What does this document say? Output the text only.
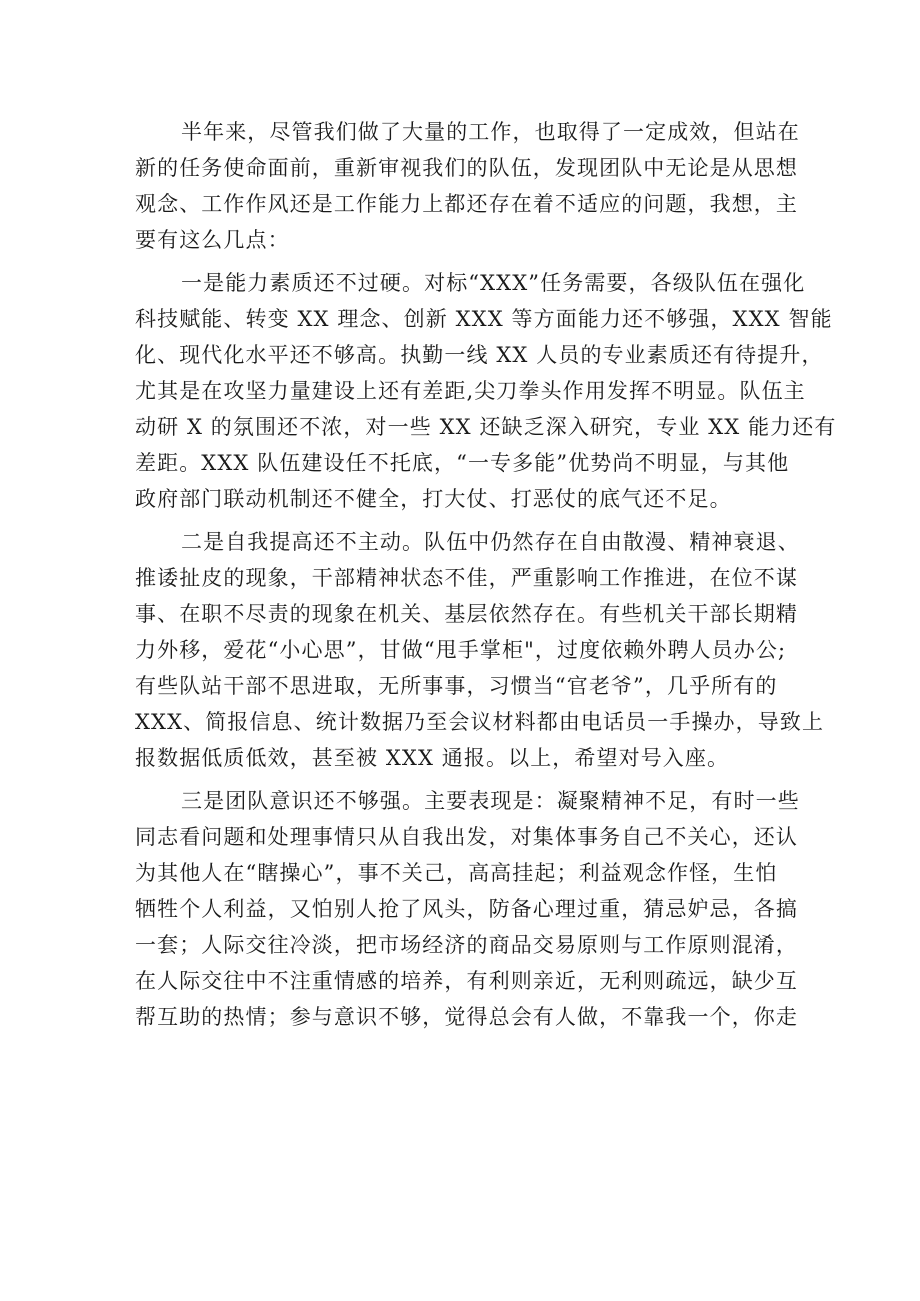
半年来，尽管我们做了大量的工作，也取得了一定成效，但站在
新的任务使命面前，重新审视我们的队伍，发现团队中无论是从思想
观念、工作作风还是工作能力上都还存在着不适应的问题，我想，主
要有这么几点：
一是能力素质还不过硬。对标“XXX”任务需要，各级队伍在强化
科技赋能、转变 XX 理念、创新 XXX 等方面能力还不够强，XXX 智能
化、现代化水平还不够高。执勤一线 XX 人员的专业素质还有待提升，
尤其是在攻坚力量建设上还有差距,尖刀拳头作用发挥不明显。队伍主
动研 X 的氛围还不浓，对一些 XX 还缺乏深入研究，专业 XX 能力还有
差距。XXX 队伍建设任不托底，“一专多能”优势尚不明显，与其他
政府部门联动机制还不健全，打大仗、打恶仗的底气还不足。
二是自我提高还不主动。队伍中仍然存在自由散漫、精神衰退、
推诿扯皮的现象，干部精神状态不佳，严重影响工作推进，在位不谋
事、在职不尽责的现象在机关、基层依然存在。有些机关干部长期精
力外移，爱花“小心思”，甘做“甩手掌柜"，过度依赖外聘人员办公;
有些队站干部不思进取，无所事事，习惯当“官老爷”，几乎所有的
XXX、简报信息、统计数据乃至会议材料都由电话员一手操办，导致上
报数据低质低效，甚至被 XXX 通报。以上，希望对号入座。
三是团队意识还不够强。主要表现是：凝聚精神不足，有时一些
同志看问题和处理事情只从自我出发，对集体事务自己不关心，还认
为其他人在“瞎操心”，事不关己，高高挂起；利益观念作怪，生怕
牺牲个人利益，又怕别人抢了风头，防备心理过重，猜忌妒忌，各搞
一套；人际交往冷淡，把市场经济的商品交易原则与工作原则混淆，
在人际交往中不注重情感的培养，有利则亲近，无利则疏远，缺少互
帮互助的热情；参与意识不够，觉得总会有人做，不靠我一个，你走
